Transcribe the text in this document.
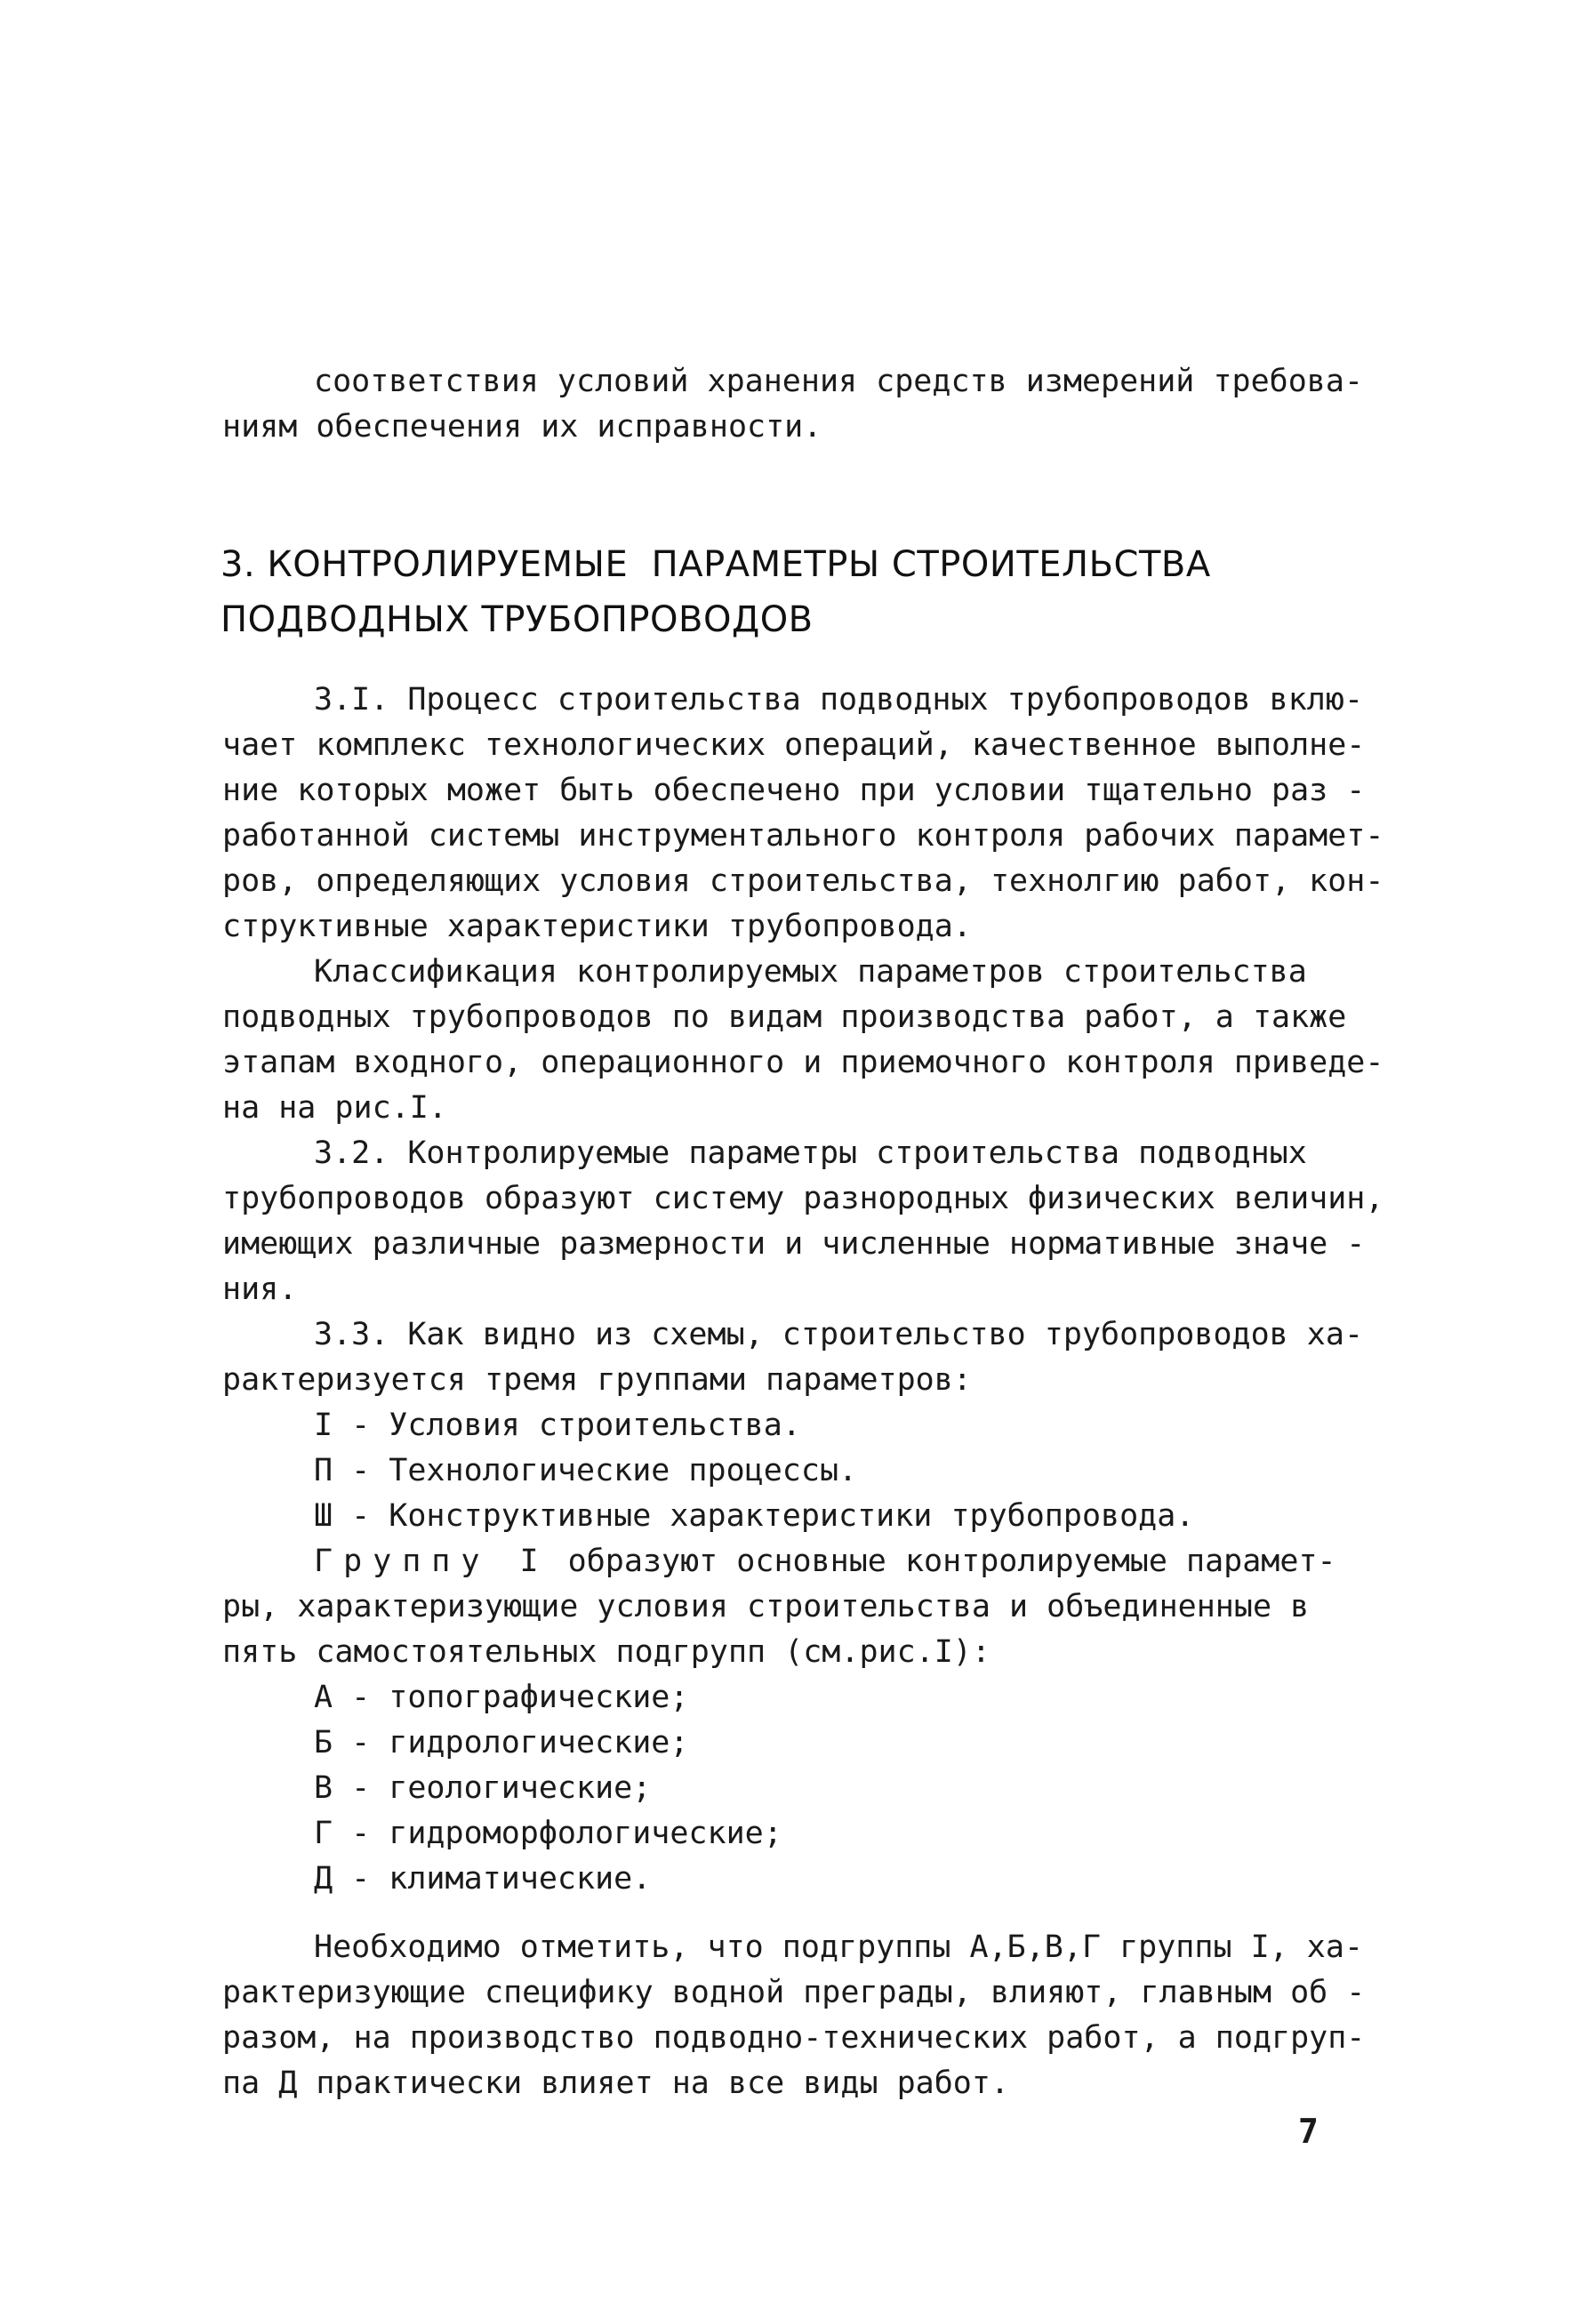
соответствия условий хранения средств измерений требова-
ниям обеспечения их исправности.
3. КОНТРОЛИРУЕМЫЕ  ПАРАМЕТРЫ СТРОИТЕЛЬСТВА
ПОДВОДНЫХ ТРУБОПРОВОДОВ
3.I. Процесс строительства подводных трубопроводов вклю-
чает комплекс технологических операций, качественное выполне-
ние которых может быть обеспечено при условии тщательно раз -
работанной системы инструментального контроля рабочих парамет-
ров, определяющих условия строительства, технолгию работ, кон-
структивные характеристики трубопровода.
Классификация контролируемых параметров строительства
подводных трубопроводов по видам производства работ, а также
этапам входного, операционного и приемочного контроля приведе-
на на рис.I.
3.2. Контролируемые параметры строительства подводных
трубопроводов образуют систему разнородных физических величин,
имеющих различные размерности и численные нормативные значе -
ния.
3.3. Как видно из схемы, строительство трубопроводов ха-
рактеризуется тремя группами параметров:
I - Условия строительства.
П - Технологические процессы.
Ш - Конструктивные характеристики трубопровода.
Группу I образуют основные контролируемые парамет-
ры, характеризующие условия строительства и объединенные в
пять самостоятельных подгрупп (см.рис.I):
А - топографические;
Б - гидрологические;
В - геологические;
Г - гидроморфологические;
Д - климатические.
Необходимо отметить, что подгруппы А,Б,В,Г группы I, ха-
рактеризующие специфику водной преграды, влияют, главным об -
разом, на производство подводно-технических работ, а подгруп-
па Д практически влияет на все виды работ.
7
